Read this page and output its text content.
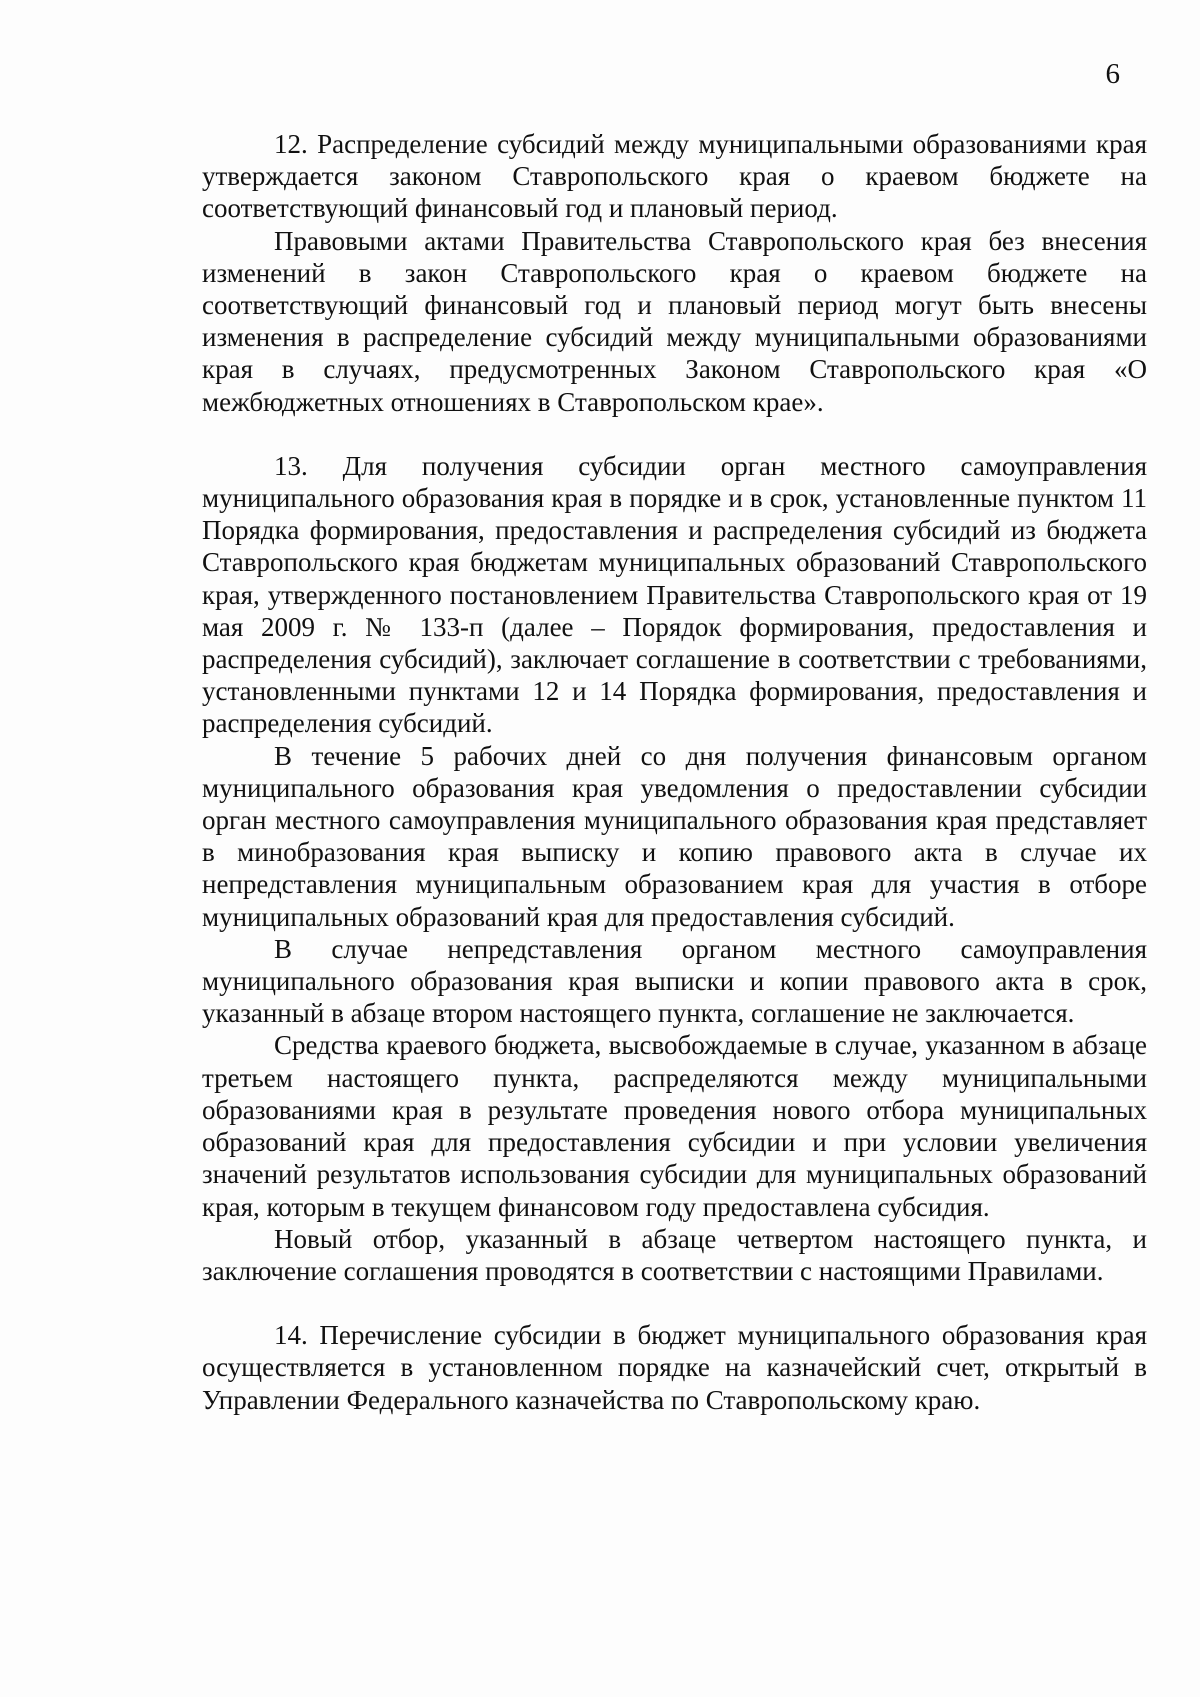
6

12. Распределение субсидий между муниципальными образованиями края утверждается законом Ставропольского края о краевом бюджете на соответствующий финансовый год и плановый период.

Правовыми актами Правительства Ставропольского края без внесения изменений в закон Ставропольского края о краевом бюджете на соответствующий финансовый год и плановый период могут быть внесены изменения в распределение субсидий между муниципальными образованиями края в случаях, предусмотренных Законом Ставропольского края «О межбюджетных отношениях в Ставропольском крае».

13. Для получения субсидии орган местного самоуправления муниципального образования края в порядке и в срок, установленные пунктом 11 Порядка формирования, предоставления и распределения субсидий из бюджета Ставропольского края бюджетам муниципальных образований Ставропольского края, утвержденного постановлением Правительства Ставропольского края от 19 мая 2009 г. № 133-п (далее – Порядок формирования, предоставления и распределения субсидий), заключает соглашение в соответствии с требованиями, установленными пунктами 12 и 14 Порядка формирования, предоставления и распределения субсидий.

В течение 5 рабочих дней со дня получения финансовым органом муниципального образования края уведомления о предоставлении субсидии орган местного самоуправления муниципального образования края представляет в минобразования края выписку и копию правового акта в случае их непредставления муниципальным образованием края для участия в отборе муниципальных образований края для предоставления субсидий.

В случае непредставления органом местного самоуправления муниципального образования края выписки и копии правового акта в срок, указанный в абзаце втором настоящего пункта, соглашение не заключается.

Средства краевого бюджета, высвобождаемые в случае, указанном в абзаце третьем настоящего пункта, распределяются между муниципальными образованиями края в результате проведения нового отбора муниципальных образований края для предоставления субсидии и при условии увеличения значений результатов использования субсидии для муниципальных образований края, которым в текущем финансовом году предоставлена субсидия.

Новый отбор, указанный в абзаце четвертом настоящего пункта, и заключение соглашения проводятся в соответствии с настоящими Правилами.

14. Перечисление субсидии в бюджет муниципального образования края осуществляется в установленном порядке на казначейский счет, открытый в Управлении Федерального казначейства по Ставропольскому краю.
